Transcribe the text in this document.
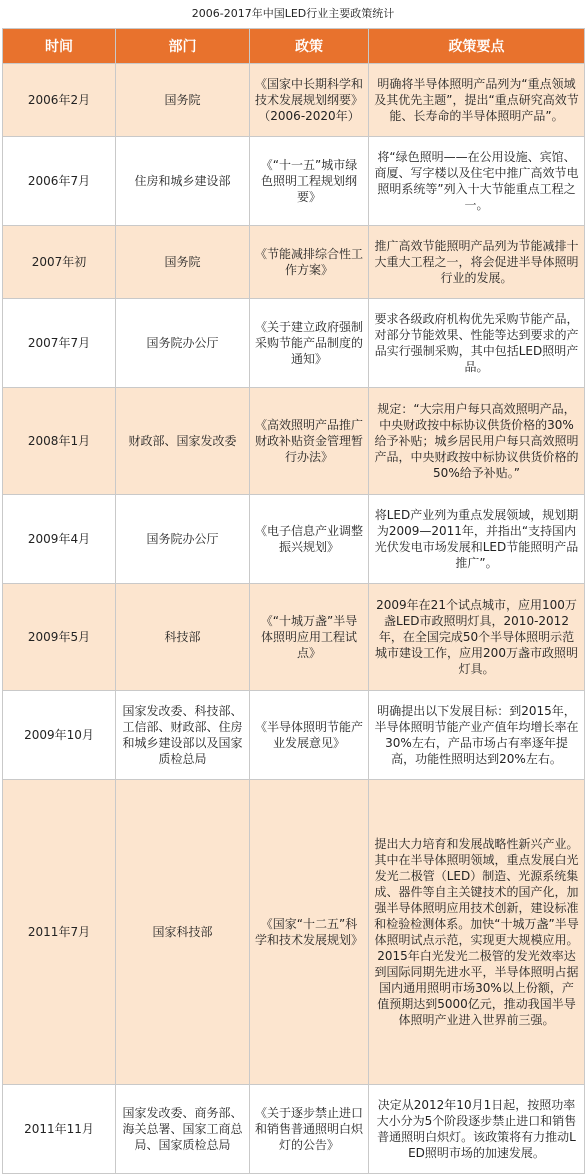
2006-2017年中国LED行业主要政策统计
时间	部门	政策	政策要点
2006年2月	国务院	《国家中长期科学和技术发展规划纲要》（2006-2020年）	明确将半导体照明产品列为“重点领域及其优先主题”，提出“重点研究高效节能、长寿命的半导体照明产品”。
2006年7月	住房和城乡建设部	《“十一五”城市绿色照明工程规划纲要》	将“绿色照明——在公用设施、宾馆、商厦、写字楼以及住宅中推广高效节电照明系统等”列入十大节能重点工程之一。
2007年初	国务院	《节能减排综合性工作方案》	推广高效节能照明产品列为节能减排十大重大工程之一，将会促进半导体照明行业的发展。
2007年7月	国务院办公厅	《关于建立政府强制采购节能产品制度的通知》	要求各级政府机构优先采购节能产品，对部分节能效果、性能等达到要求的产品实行强制采购，其中包括LED照明产品。
2008年1月	财政部、国家发改委	《高效照明产品推广财政补贴资金管理暂行办法》	规定：“大宗用户每只高效照明产品，中央财政按中标协议供货价格的30%给予补贴；城乡居民用户每只高效照明产品，中央财政按中标协议供货价格的50%给予补贴。”
2009年4月	国务院办公厅	《电子信息产业调整振兴规划》	将LED产业列为重点发展领域，规划期为2009—2011年，并指出“支持国内光伏发电市场发展和LED节能照明产品推广”。
2009年5月	科技部	《“十城万盏”半导体照明应用工程试点》	2009年在21个试点城市，应用100万盏LED市政照明灯具，2010-2012年，在全国完成50个半导体照明示范城市建设工作，应用200万盏市政照明灯具。
2009年10月	国家发改委、科技部、工信部、财政部、住房和城乡建设部以及国家质检总局	《半导体照明节能产业发展意见》	明确提出以下发展目标：到2015年，半导体照明节能产业产值年均增长率在30%左右，产品市场占有率逐年提高，功能性照明达到20%左右。
2011年7月	国家科技部	《国家“十二五”科学和技术发展规划》	提出大力培育和发展战略性新兴产业。其中在半导体照明领域，重点发展白光发光二极管（LED）制造、光源系统集成、器件等自主关键技术的国产化，加强半导体照明应用技术创新，建设标准和检验检测体系。加快“十城万盏”半导体照明试点示范，实现更大规模应用。2015年白光发光二极管的发光效率达到国际同期先进水平，半导体照明占据国内通用照明市场30%以上份额，产值预期达到5000亿元，推动我国半导体照明产业进入世界前三强。
2011年11月	国家发改委、商务部、海关总署、国家工商总局、国家质检总局	《关于逐步禁止进口和销售普通照明白炽灯的公告》	决定从2012年10月1日起，按照功率大小分为5个阶段逐步禁止进口和销售普通照明白炽灯。该政策将有力推动LED照明市场的加速发展。
